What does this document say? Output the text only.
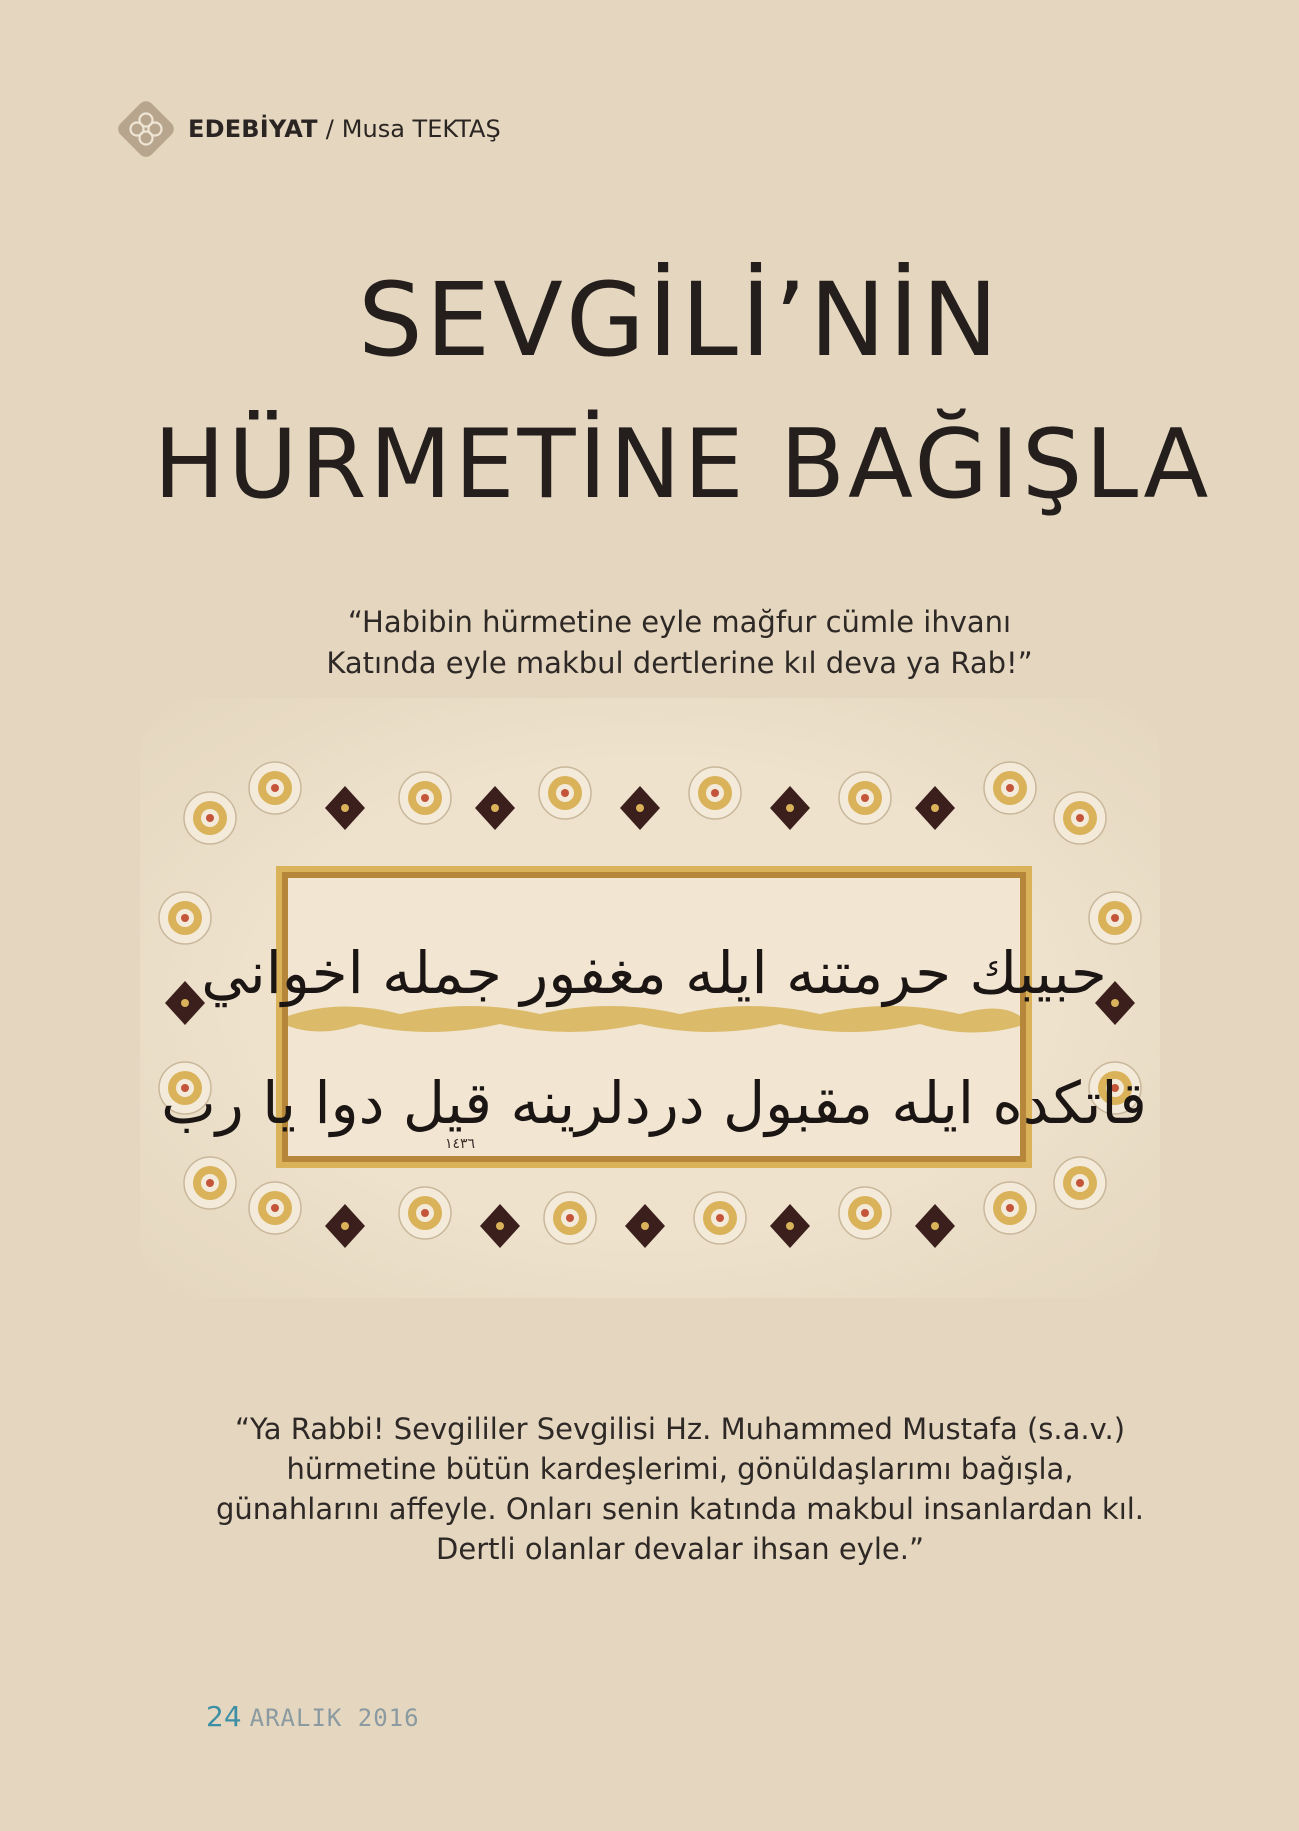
EDEBİYAT / Musa TEKTAŞ
SEVGİLİ’NİN
HÜRMETİNE BAĞIŞLA
“Habibin hürmetine eyle mağfur cümle ihvanı
Katında eyle makbul dertlerine kıl deva ya Rab!”
حبيبك حرمتنه ايله مغفور جمله اخواني
قاتكده ايله مقبول دردلرينه قيل دوا يا رب
١٤٣٦
“Ya Rabbi! Sevgililer Sevgilisi Hz. Muhammed Mustafa (s.a.v.) hürmetine bütün kardeşlerimi, gönüldaşlarımı bağışla, günahlarını affeyle. Onları senin katında makbul insanlardan kıl. Dertli olanlar devalar ihsan eyle.”
24 ARALIK 2016
